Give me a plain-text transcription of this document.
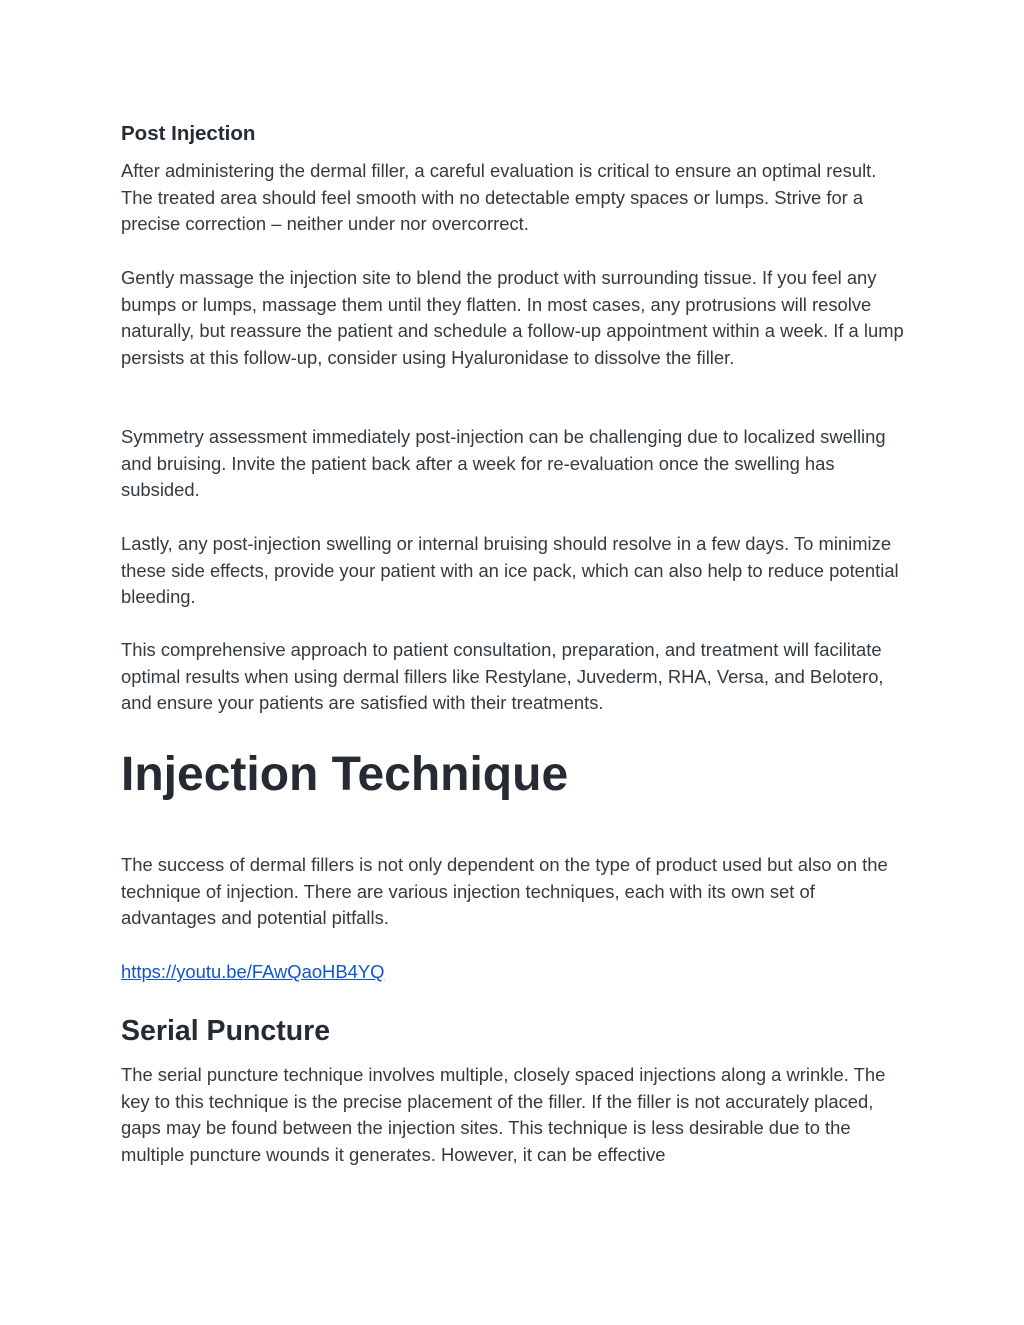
Post Injection

After administering the dermal filler, a careful evaluation is critical to ensure an optimal result. The treated area should feel smooth with no detectable empty spaces or lumps. Strive for a precise correction – neither under nor overcorrect.

Gently massage the injection site to blend the product with surrounding tissue. If you feel any bumps or lumps, massage them until they flatten. In most cases, any protrusions will resolve naturally, but reassure the patient and schedule a follow-up appointment within a week. If a lump persists at this follow-up, consider using Hyaluronidase to dissolve the filler.

Symmetry assessment immediately post-injection can be challenging due to localized swelling and bruising. Invite the patient back after a week for re-evaluation once the swelling has subsided.

Lastly, any post-injection swelling or internal bruising should resolve in a few days. To minimize these side effects, provide your patient with an ice pack, which can also help to reduce potential bleeding.

This comprehensive approach to patient consultation, preparation, and treatment will facilitate optimal results when using dermal fillers like Restylane, Juvederm, RHA, Versa, and Belotero, and ensure your patients are satisfied with their treatments.

Injection Technique

The success of dermal fillers is not only dependent on the type of product used but also on the technique of injection. There are various injection techniques, each with its own set of advantages and potential pitfalls.

https://youtu.be/FAwQaoHB4YQ
Serial Puncture

The serial puncture technique involves multiple, closely spaced injections along a wrinkle. The key to this technique is the precise placement of the filler. If the filler is not accurately placed, gaps may be found between the injection sites. This technique is less desirable due to the multiple puncture wounds it generates. However, it can be effective
